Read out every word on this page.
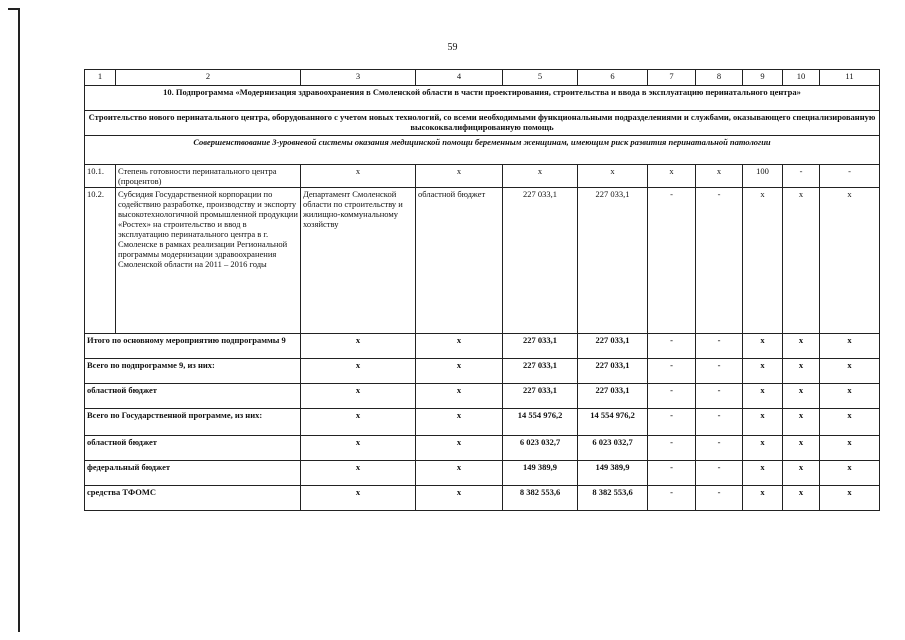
59
1	2	3	4	5	6	7	8	9	10	11
10. Подпрограмма «Модернизация здравоохранения в Смоленской области в части проектирования, строительства и ввода в эксплуатацию перинатального центра»										
Строительство нового перинатального центра, оборудованного с учетом новых технологий, со всеми необходимыми функциональными подразделениями и службами, оказывающего специализированную высококвалифицированную помощь										
Совершенствование 3-уровневой системы оказания медицинской помощи беременным женщинам, имеющим риск развития перинатальной патологии										
10.1.	Степень готовности перинатального центра (процентов)	х	х	х	х	х	х	100	-	-
10.2.	Субсидия Государственной корпорации по содействию разработке, производству и экспорту высокотехнологичной промышленной продукции «Ростех» на строительство и ввод в эксплуатацию перинатального центра в г. Смоленске в рамках реализации Региональной программы модернизации здравоохранения Смоленской области на 2011 – 2016 годы	Департамент Смоленской области по строительству и жилищно-коммунальному хозяйству	областной бюджет	227 033,1	227 033,1	-	-	х	х	х
Итого по основному мероприятию подпрограммы 9		х	х	227 033,1	227 033,1	-	-	х	х	х
Всего по подпрограмме 9, из них:		х	х	227 033,1	227 033,1	-	-	х	х	х
областной бюджет		х	х	227 033,1	227 033,1	-	-	х	х	х
Всего по Государственной программе, из них:		х	х	14 554 976,2	14 554 976,2	-	-	х	х	х
областной бюджет		х	х	6 023 032,7	6 023 032,7	-	-	х	х	х
федеральный бюджет		х	х	149 389,9	149 389,9	-	-	х	х	х
средства ТФОМС		х	х	8 382 553,6	8 382 553,6	-	-	х	х	х
